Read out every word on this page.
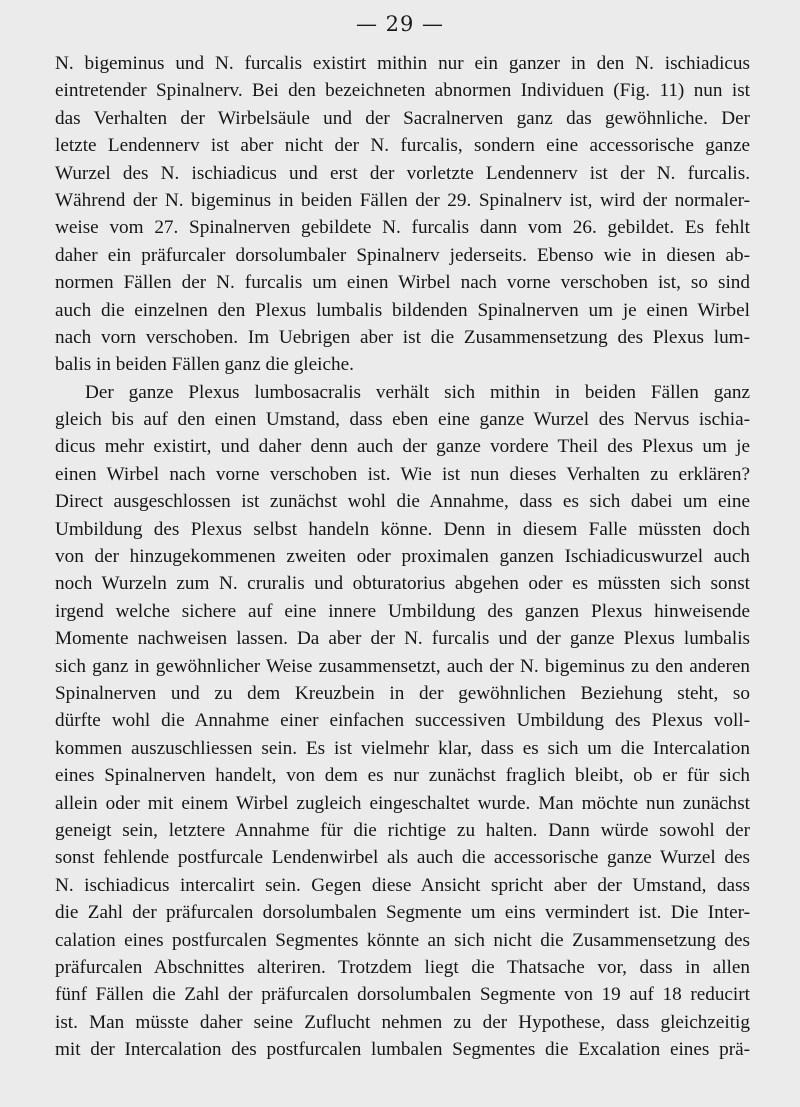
— 29 —
N. bigeminus und N. furcalis existirt mithin nur ein ganzer in den N. ischiadicus
eintretender Spinalnerv. Bei den bezeichneten abnormen Individuen (Fig. 11) nun ist
das Verhalten der Wirbelsäule und der Sacralnerven ganz das gewöhnliche. Der
letzte Lendennerv ist aber nicht der N. furcalis, sondern eine accessorische ganze
Wurzel des N. ischiadicus und erst der vorletzte Lendennerv ist der N. furcalis.
Während der N. bigeminus in beiden Fällen der 29. Spinalnerv ist, wird der normaler-
weise vom 27. Spinalnerven gebildete N. furcalis dann vom 26. gebildet. Es fehlt
daher ein präfurcaler dorsolumbaler Spinalnerv jederseits. Ebenso wie in diesen ab-
normen Fällen der N. furcalis um einen Wirbel nach vorne verschoben ist, so sind
auch die einzelnen den Plexus lumbalis bildenden Spinalnerven um je einen Wirbel
nach vorn verschoben. Im Uebrigen aber ist die Zusammensetzung des Plexus lum-
balis in beiden Fällen ganz die gleiche.
Der ganze Plexus lumbosacralis verhält sich mithin in beiden Fällen ganz
gleich bis auf den einen Umstand, dass eben eine ganze Wurzel des Nervus ischia-
dicus mehr existirt, und daher denn auch der ganze vordere Theil des Plexus um je
einen Wirbel nach vorne verschoben ist. Wie ist nun dieses Verhalten zu erklären?
Direct ausgeschlossen ist zunächst wohl die Annahme, dass es sich dabei um eine
Umbildung des Plexus selbst handeln könne. Denn in diesem Falle müssten doch
von der hinzugekommenen zweiten oder proximalen ganzen Ischiadicuswurzel auch
noch Wurzeln zum N. cruralis und obturatorius abgehen oder es müssten sich sonst
irgend welche sichere auf eine innere Umbildung des ganzen Plexus hinweisende
Momente nachweisen lassen. Da aber der N. furcalis und der ganze Plexus lumbalis
sich ganz in gewöhnlicher Weise zusammensetzt, auch der N. bigeminus zu den anderen
Spinalnerven und zu dem Kreuzbein in der gewöhnlichen Beziehung steht, so
dürfte wohl die Annahme einer einfachen successiven Umbildung des Plexus voll-
kommen auszuschliessen sein. Es ist vielmehr klar, dass es sich um die Intercalation
eines Spinalnerven handelt, von dem es nur zunächst fraglich bleibt, ob er für sich
allein oder mit einem Wirbel zugleich eingeschaltet wurde. Man möchte nun zunächst
geneigt sein, letztere Annahme für die richtige zu halten. Dann würde sowohl der
sonst fehlende postfurcale Lendenwirbel als auch die accessorische ganze Wurzel des
N. ischiadicus intercalirt sein. Gegen diese Ansicht spricht aber der Umstand, dass
die Zahl der präfurcalen dorsolumbalen Segmente um eins vermindert ist. Die Inter-
calation eines postfurcalen Segmentes könnte an sich nicht die Zusammensetzung des
präfurcalen Abschnittes alteriren. Trotzdem liegt die Thatsache vor, dass in allen
fünf Fällen die Zahl der präfurcalen dorsolumbalen Segmente von 19 auf 18 reducirt
ist. Man müsste daher seine Zuflucht nehmen zu der Hypothese, dass gleichzeitig
mit der Intercalation des postfurcalen lumbalen Segmentes die Excalation eines prä-
